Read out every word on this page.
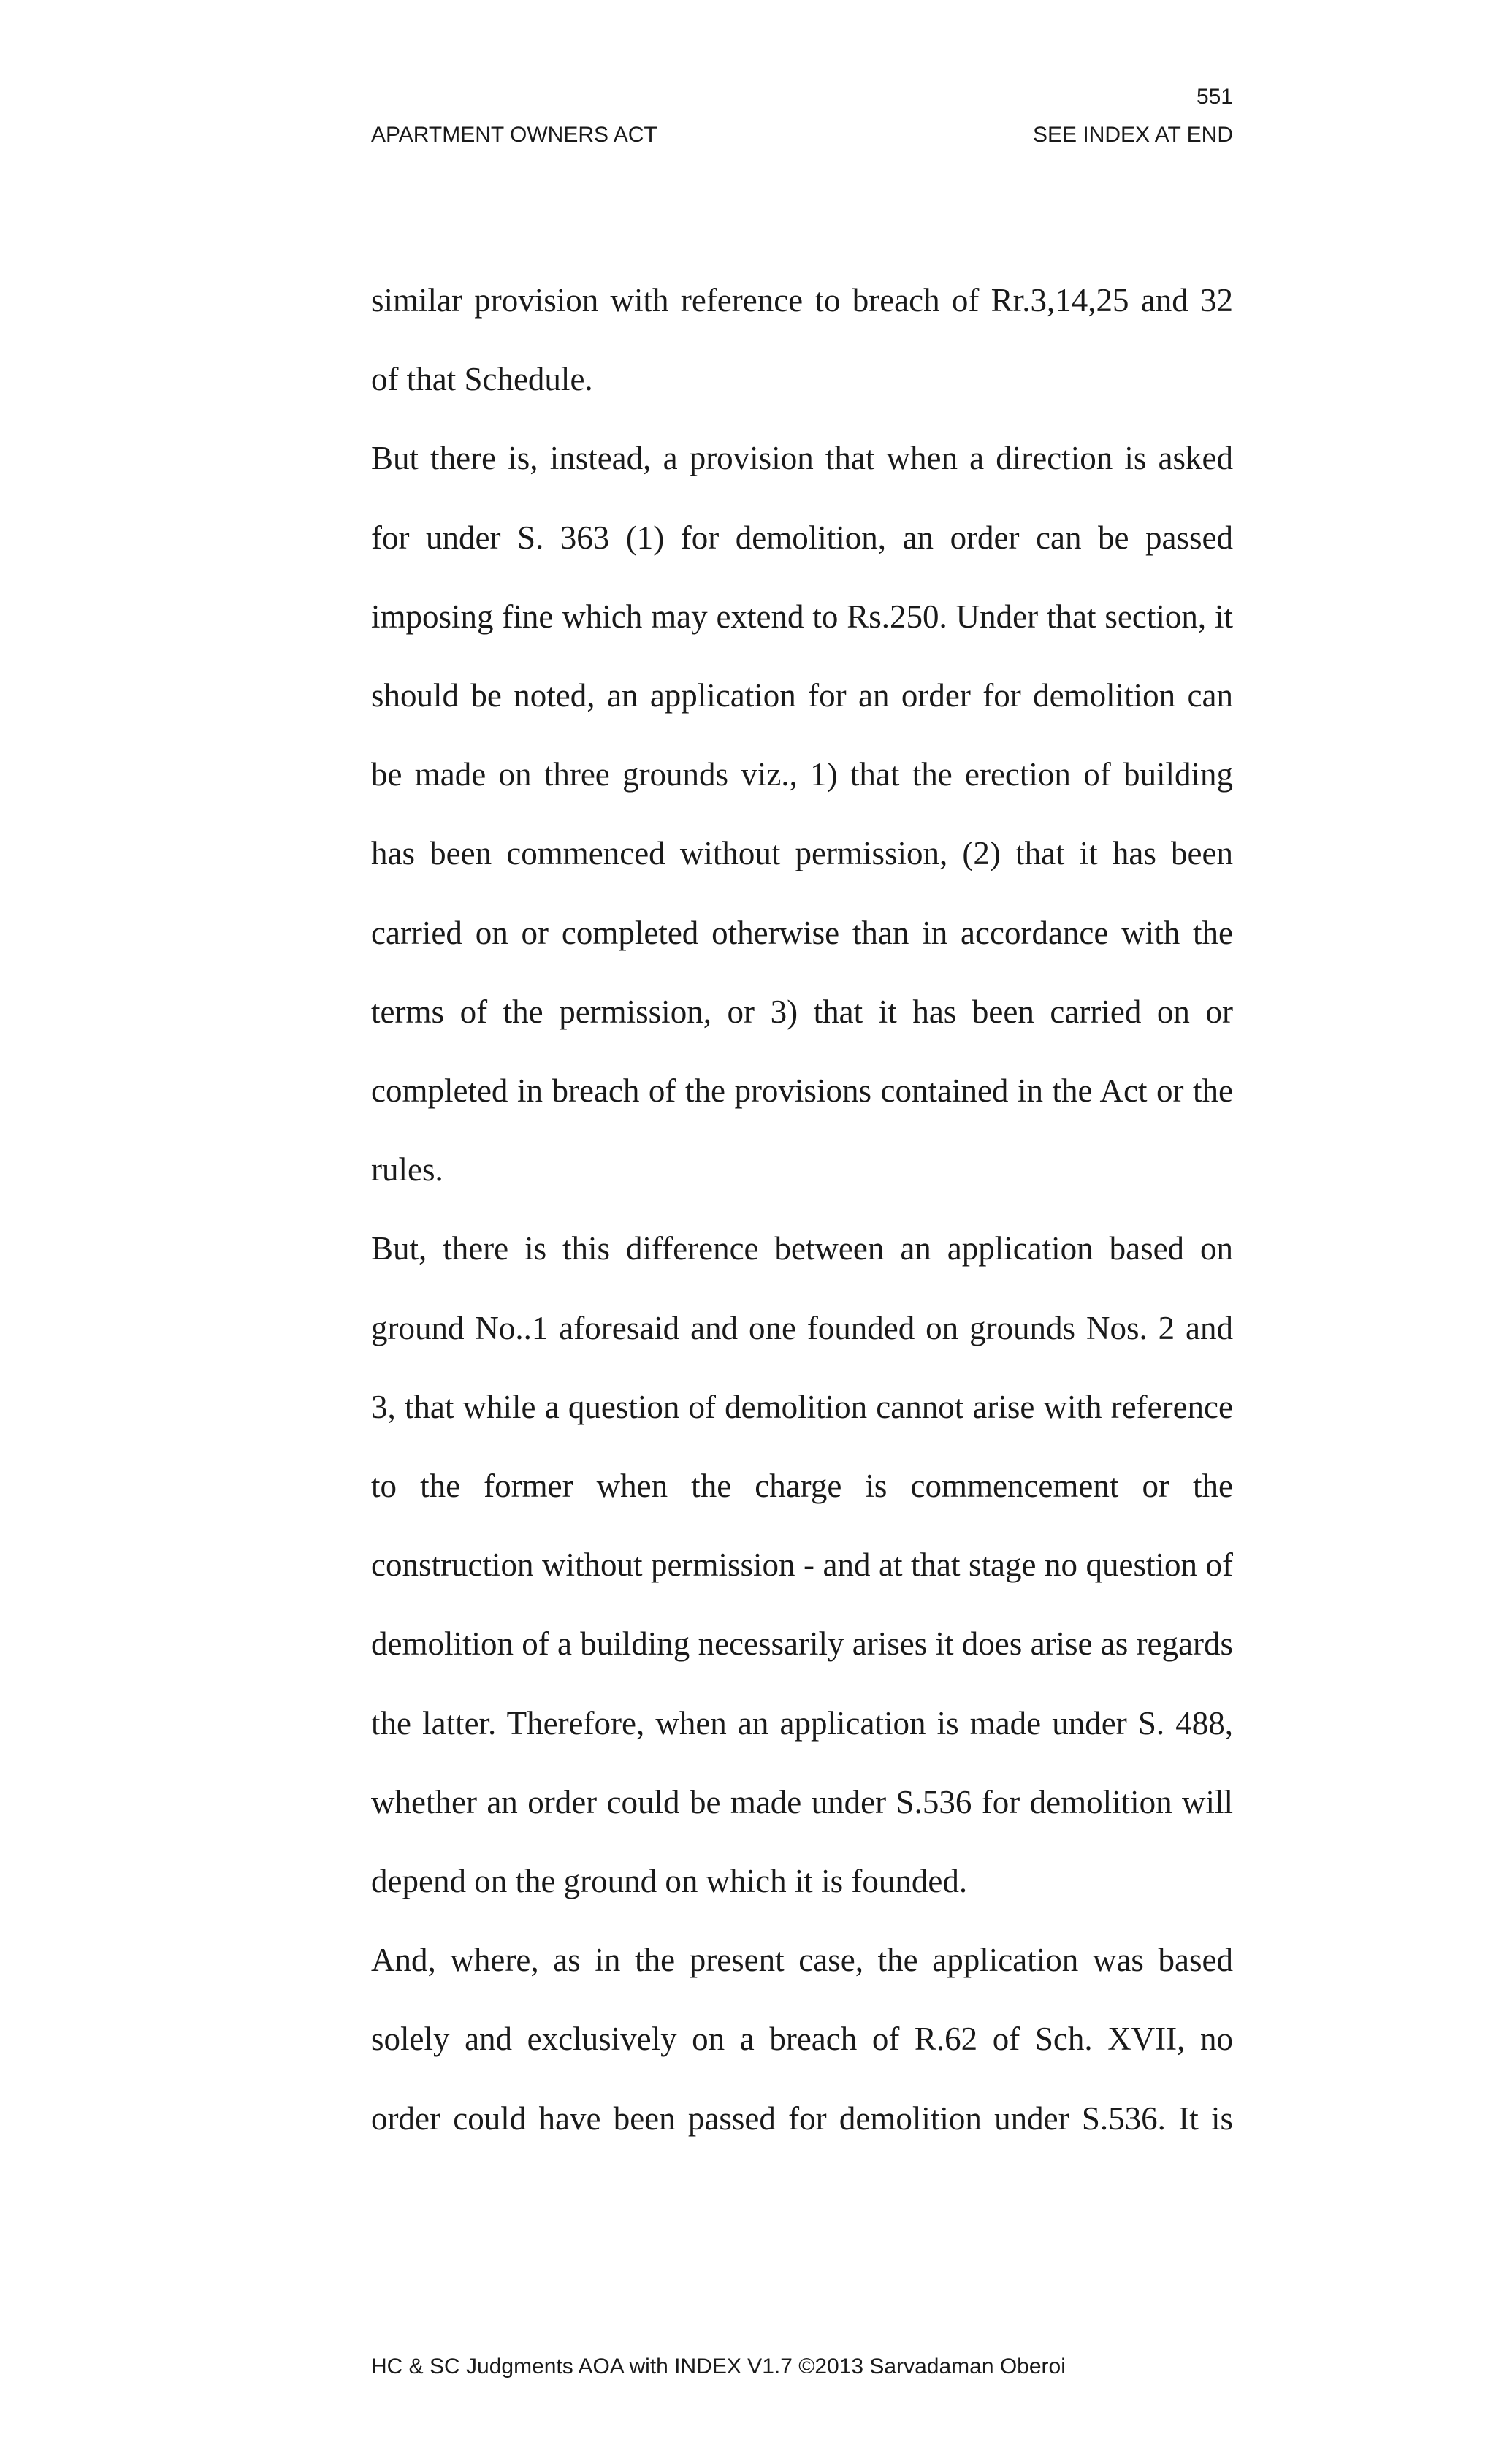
551
APARTMENT OWNERS ACT	SEE INDEX AT END

similar provision with reference to breach of Rr.3,14,25 and 32 of that Schedule.

But there is, instead, a provision that when a direction is asked for under S. 363 (1) for demolition, an order can be passed imposing fine which may extend to Rs.250. Under that section, it should be noted, an application for an order for demolition can be made on three grounds viz., 1) that the erection of building has been commenced without permission, (2) that it has been carried on or completed otherwise than in accordance with the terms of the permission, or 3) that it has been carried on or completed in breach of the provisions contained in the Act or the rules.

But, there is this difference between an application based on ground No..1 aforesaid and one founded on grounds Nos. 2 and 3, that while a question of demolition cannot arise with reference to the former when the charge is commencement or the construction without permission - and at that stage no question of demolition of a building necessarily arises it does arise as regards the latter. Therefore, when an application is made under S. 488, whether an order could be made under S.536 for demolition will depend on the ground on which it is founded.

And, where, as in the present case, the application was based solely and exclusively on a breach of R.62 of Sch. XVII, no order could have been passed for demolition under S.536. It is

HC & SC Judgments AOA with INDEX V1.7 ©2013 Sarvadaman Oberoi
